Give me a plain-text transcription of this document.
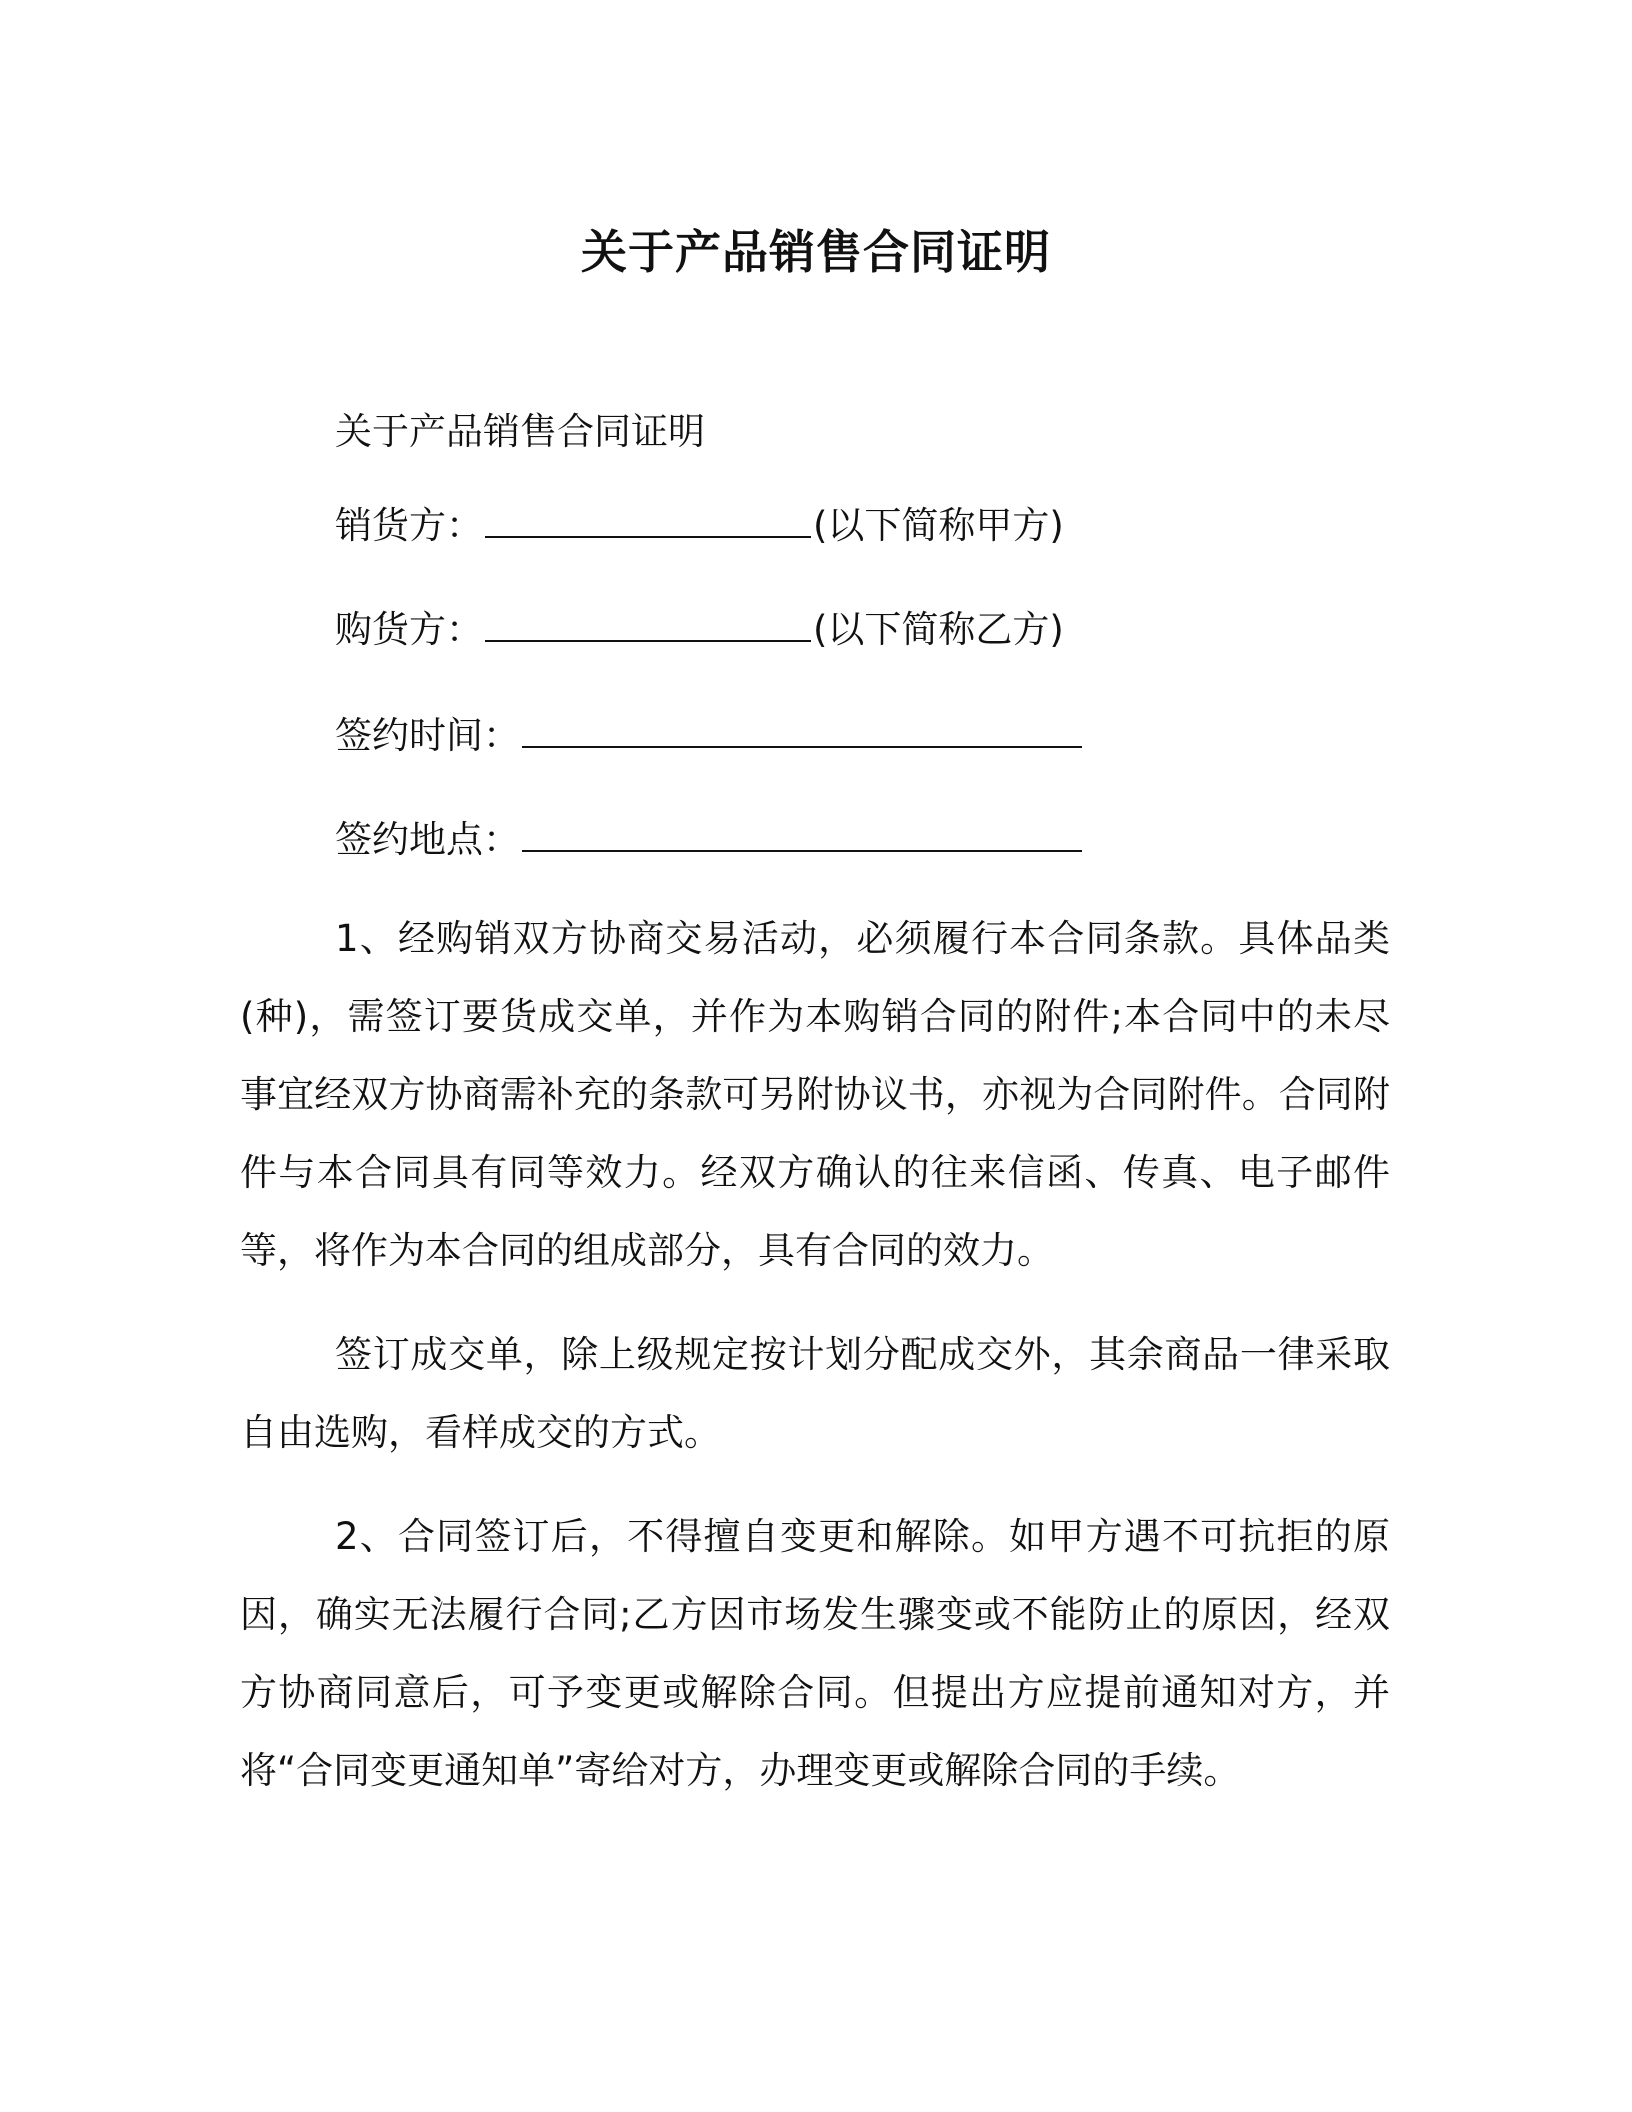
关于产品销售合同证明
关于产品销售合同证明
销货方：	(以下简称甲方)
购货方：	(以下简称乙方)
签约时间：
签约地点：

1、经购销双方协商交易活动，必须履行本合同条款。具体品类(种)，需签订要货成交单，并作为本购销合同的附件;本合同中的未尽事宜经双方协商需补充的条款可另附协议书，亦视为合同附件。合同附件与本合同具有同等效力。经双方确认的往来信函、传真、电子邮件等，将作为本合同的组成部分，具有合同的效力。

签订成交单，除上级规定按计划分配成交外，其余商品一律采取自由选购，看样成交的方式。

2、合同签订后，不得擅自变更和解除。如甲方遇不可抗拒的原因，确实无法履行合同;乙方因市场发生骤变或不能防止的原因，经双方协商同意后，可予变更或解除合同。但提出方应提前通知对方，并将“合同变更通知单”寄给对方，办理变更或解除合同的手续。
